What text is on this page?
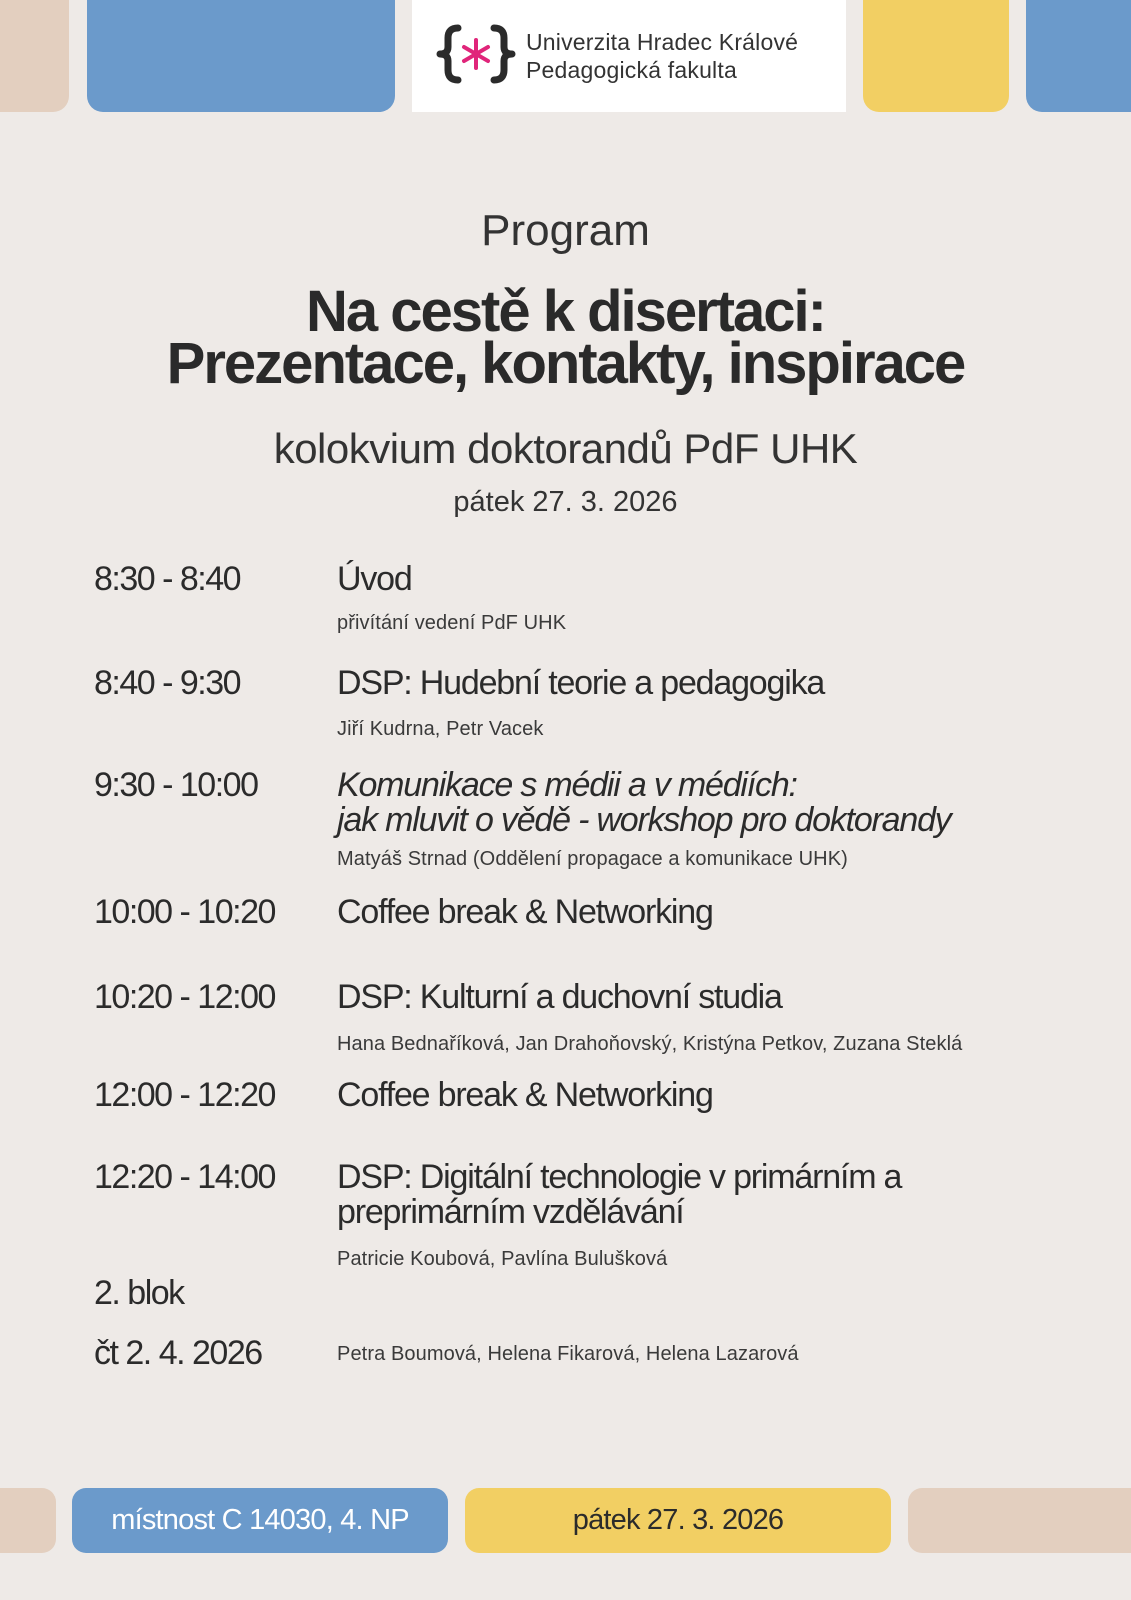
Univerzita Hradec Králové
Pedagogická fakulta
Program
Na cestě k disertaci:
Prezentace, kontakty, inspirace
kolokvium doktorandů PdF UHK
pátek 27. 3. 2026
8:30 - 8:40	Úvod
přivítání vedení PdF UHK
8:40 - 9:30	DSP: Hudební teorie a pedagogika
Jiří Kudrna, Petr Vacek
9:30 - 10:00 Komunikace s médii a v médiích:
jak mluvit o vědě - workshop pro doktorandy
Matyáš Strnad (Oddělení propagace a komunikace UHK)
10:00 - 10:20 Coffee break & Networking
10:20 - 12:00 DSP: Kulturní a duchovní studia
Hana Bednaříková, Jan Drahoňovský, Kristýna Petkov, Zuzana Steklá
12:00 - 12:20 Coffee break & Networking
12:20 - 14:00 DSP: Digitální technologie v primárním a
preprimárním vzdělávání
Patricie Koubová, Pavlína Bulušková
2. blok
čt 2. 4. 2026	Petra Boumová, Helena Fikarová, Helena Lazarová
místnost C 14030, 4. NP	pátek 27. 3. 2026
